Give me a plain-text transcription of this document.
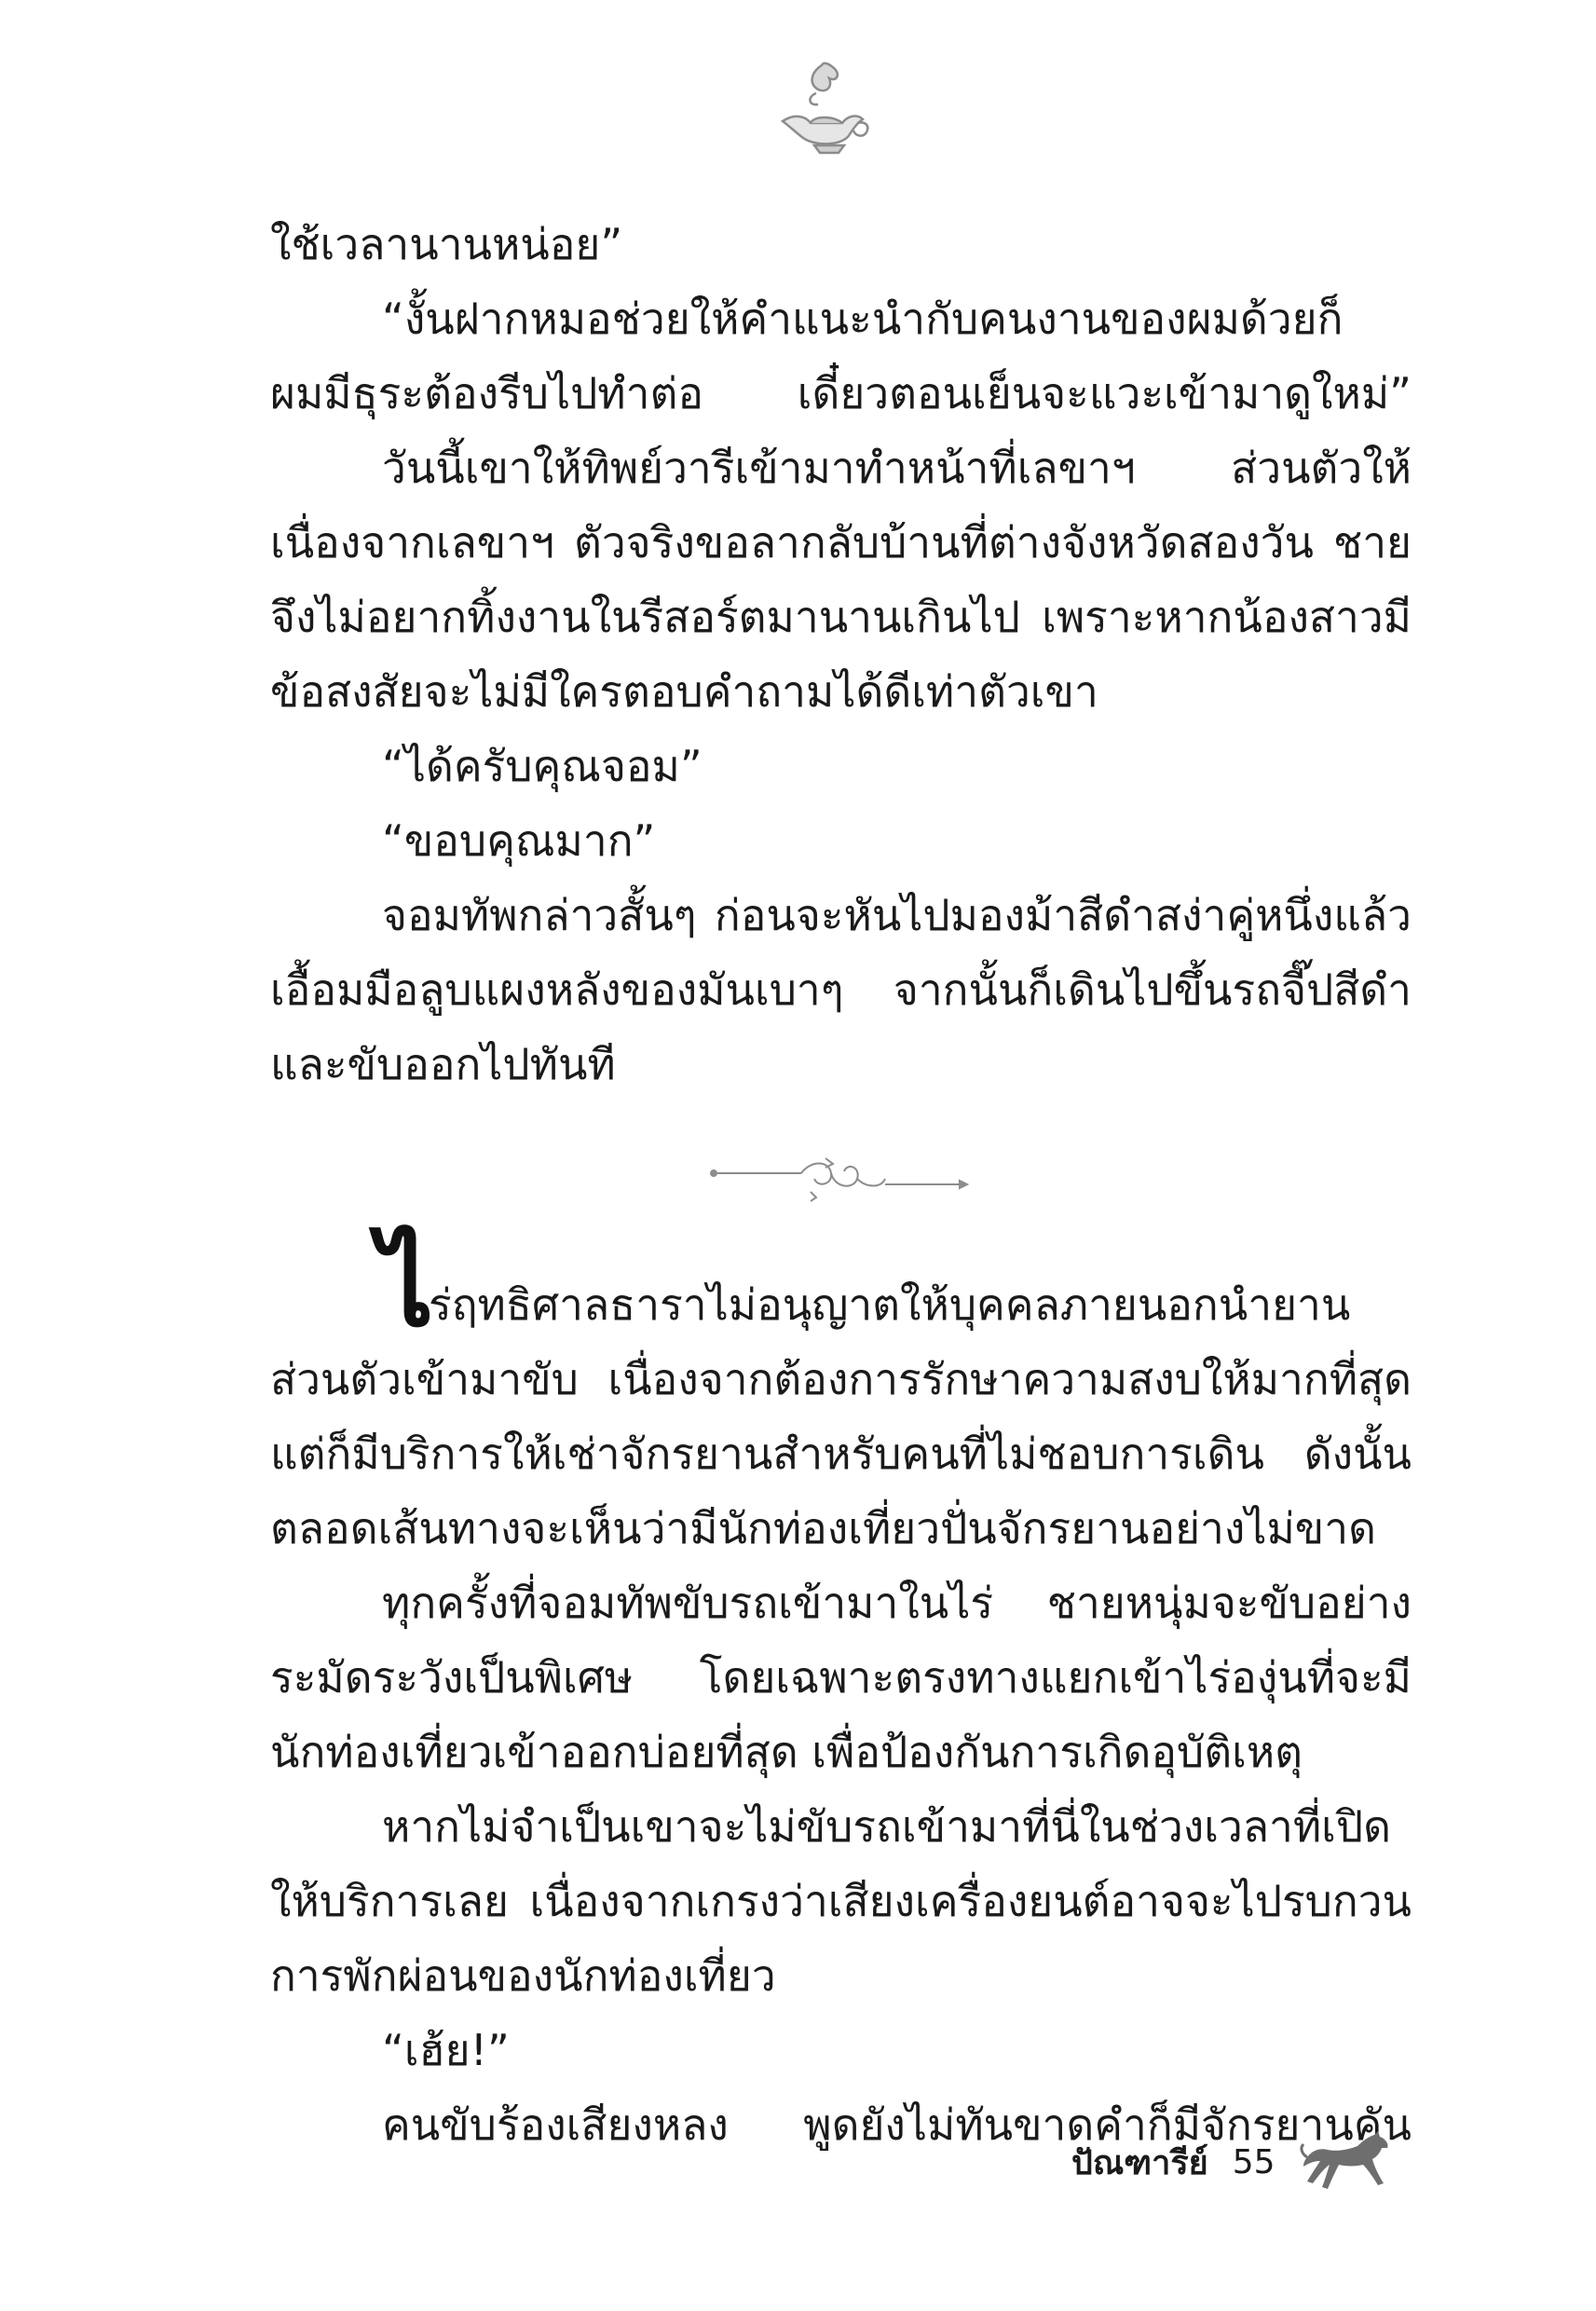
ใช้เวลานานหน่อย”
“งั้นฝากหมอช่วยให้คำแนะนำกับคนงานของผมด้วยก็
ผมมีธุระต้องรีบไปทำต่อ เดี๋ยวตอนเย็นจะแวะเข้ามาดูใหม่”
วันนี้เขาให้ทิพย์วารีเข้ามาทำหน้าที่เลขาฯ ส่วนตัวให้
เนื่องจากเลขาฯ ตัวจริงขอลากลับบ้านที่ต่างจังหวัดสองวัน ชาย
จึงไม่อยากทิ้งงานในรีสอร์ตมานานเกินไป เพราะหากน้องสาวมี
ข้อสงสัยจะไม่มีใครตอบคำถามได้ดีเท่าตัวเขา
“ได้ครับคุณจอม”
“ขอบคุณมาก”
จอมทัพกล่าวสั้นๆ ก่อนจะหันไปมองม้าสีดำสง่าคู่หนึ่งแล้ว
เอื้อมมือลูบแผงหลังของมันเบาๆ จากนั้นก็เดินไปขึ้นรถจี๊ปสีดำ
และขับออกไปทันที
ไ
ร่ฤทธิศาลธาราไม่อนุญาตให้บุคคลภายนอกนำยาน
ส่วนตัวเข้ามาขับ เนื่องจากต้องการรักษาความสงบให้มากที่สุด
แต่ก็มีบริการให้เช่าจักรยานสำหรับคนที่ไม่ชอบการเดิน ดังนั้น
ตลอดเส้นทางจะเห็นว่ามีนักท่องเที่ยวปั่นจักรยานอย่างไม่ขาด
ทุกครั้งที่จอมทัพขับรถเข้ามาในไร่ ชายหนุ่มจะขับอย่าง
ระมัดระวังเป็นพิเศษ โดยเฉพาะตรงทางแยกเข้าไร่องุ่นที่จะมี
นักท่องเที่ยวเข้าออกบ่อยที่สุด เพื่อป้องกันการเกิดอุบัติเหตุ
หากไม่จำเป็นเขาจะไม่ขับรถเข้ามาที่นี่ในช่วงเวลาที่เปิด
ให้บริการเลย เนื่องจากเกรงว่าเสียงเครื่องยนต์อาจจะไปรบกวน
การพักผ่อนของนักท่องเที่ยว
“เฮ้ย!”
คนขับร้องเสียงหลง พูดยังไม่ทันขาดคำก็มีจักรยานคัน
ปัณฑารีย์ 55
